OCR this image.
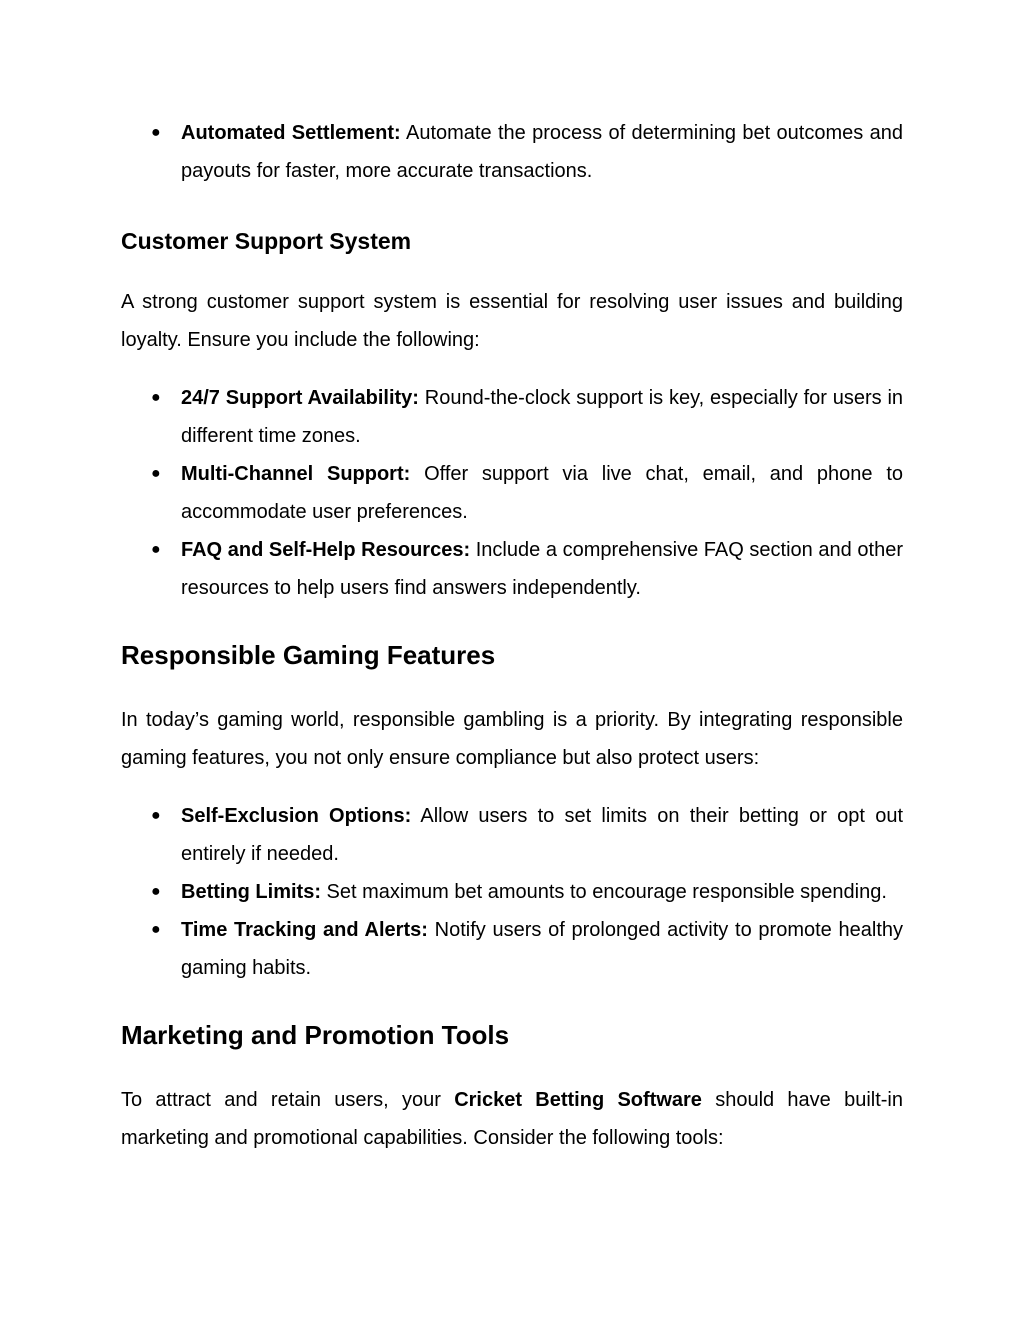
● Automated Settlement: Automate the process of determining bet outcomes and payouts for faster, more accurate transactions.
Customer Support System

A strong customer support system is essential for resolving user issues and building loyalty. Ensure you include the following:

● 24/7 Support Availability: Round-the-clock support is key, especially for users in different time zones.
● Multi-Channel Support: Offer support via live chat, email, and phone to accommodate user preferences.
● FAQ and Self-Help Resources: Include a comprehensive FAQ section and other resources to help users find answers independently.
Responsible Gaming Features

In today’s gaming world, responsible gambling is a priority. By integrating responsible gaming features, you not only ensure compliance but also protect users:

● Self-Exclusion Options: Allow users to set limits on their betting or opt out entirely if needed.
● Betting Limits: Set maximum bet amounts to encourage responsible spending.
● Time Tracking and Alerts: Notify users of prolonged activity to promote healthy gaming habits.
Marketing and Promotion Tools

To attract and retain users, your Cricket Betting Software should have built-in marketing and promotional capabilities. Consider the following tools:
